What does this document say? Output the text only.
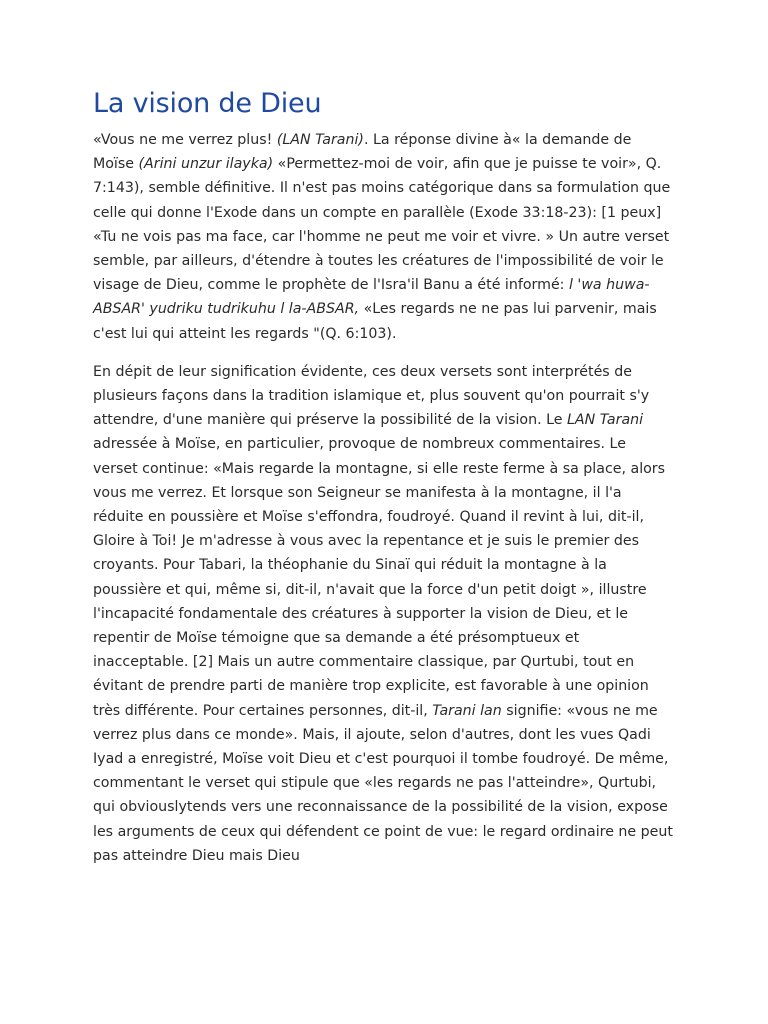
La vision de Dieu

«Vous ne me verrez plus! (LAN Tarani). La réponse divine à« la demande de Moïse (Arini unzur ilayka) «Permettez-moi de voir, afin que je puisse te voir», Q. 7:143), semble définitive. Il n'est pas moins catégorique dans sa formulation que celle qui donne l'Exode dans un compte en parallèle (Exode 33:18-23): [1 peux] «Tu ne vois pas ma face, car l'homme ne peut me voir et vivre. » Un autre verset semble, par ailleurs, d'étendre à toutes les créatures de l'impossibilité de voir le visage de Dieu, comme le prophète de l'Isra'il Banu a été informé: l 'wa huwa-ABSAR' yudriku tudrikuhu l la-ABSAR, «Les regards ne ne pas lui parvenir, mais c'est lui qui atteint les regards "(Q. 6:103).

En dépit de leur signification évidente, ces deux versets sont interprétés de plusieurs façons dans la tradition islamique et, plus souvent qu'on pourrait s'y attendre, d'une manière qui préserve la possibilité de la vision. Le LAN Tarani adressée à Moïse, en particulier, provoque de nombreux commentaires. Le verset continue: «Mais regarde la montagne, si elle reste ferme à sa place, alors vous me verrez. Et lorsque son Seigneur se manifesta à la montagne, il l'a réduite en poussière et Moïse s'effondra, foudroyé. Quand il revint à lui, dit-il, Gloire à Toi! Je m'adresse à vous avec la repentance et je suis le premier des croyants. Pour Tabari, la théophanie du Sinaï qui réduit la montagne à la poussière et qui, même si, dit-il, n'avait que la force d'un petit doigt », illustre l'incapacité fondamentale des créatures à supporter la vision de Dieu, et le repentir de Moïse témoigne que sa demande a été présomptueux et inacceptable. [2] Mais un autre commentaire classique, par Qurtubi, tout en évitant de prendre parti de manière trop explicite, est favorable à une opinion très différente. Pour certaines personnes, dit-il, Tarani lan signifie: «vous ne me verrez plus dans ce monde». Mais, il ajoute, selon d'autres, dont les vues Qadi Iyad a enregistré, Moïse voit Dieu et c'est pourquoi il tombe foudroyé. De même, commentant le verset qui stipule que «les regards ne pas l'atteindre», Qurtubi, qui obviouslytends vers une reconnaissance de la possibilité de la vision, expose les arguments de ceux qui défendent ce point de vue: le regard ordinaire ne peut pas atteindre Dieu mais Dieu
